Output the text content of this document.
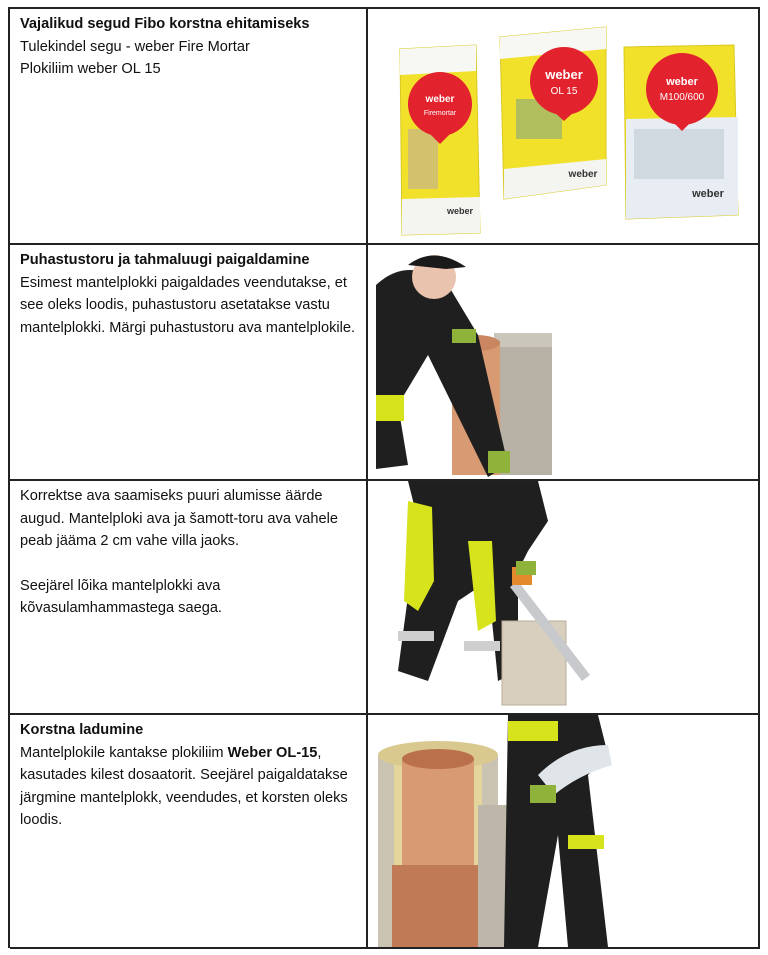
Vajalikud segud Fibo korstna ehitamiseks

Tulekindel segu - weber Fire Mortar

Plokiliim weber OL 15

weber
Firemortar
weber
weber
OL 15
weber
weber
M100/600
weber

Puhastustoru ja tahmaluugi paigaldamine

Esimest mantelplokki paigaldades veendutakse, et see oleks loodis, puhastustoru asetatakse vastu mantelplokki. Märgi puhastustoru ava mantelplokile.

Korrektse ava saamiseks puuri alumisse äärde augud. Mantelploki ava ja šamott-toru ava vahele peab jääma 2 cm vahe villa jaoks.

Seejärel lõika mantelplokki ava kõvasulamhammastega saega.

Korstna ladumine

Mantelplokile kantakse plokiliim Weber OL-15, kasutades kilest dosaatorit. Seejärel paigaldatakse järgmine mantelplokk, veendudes, et korsten oleks loodis.
